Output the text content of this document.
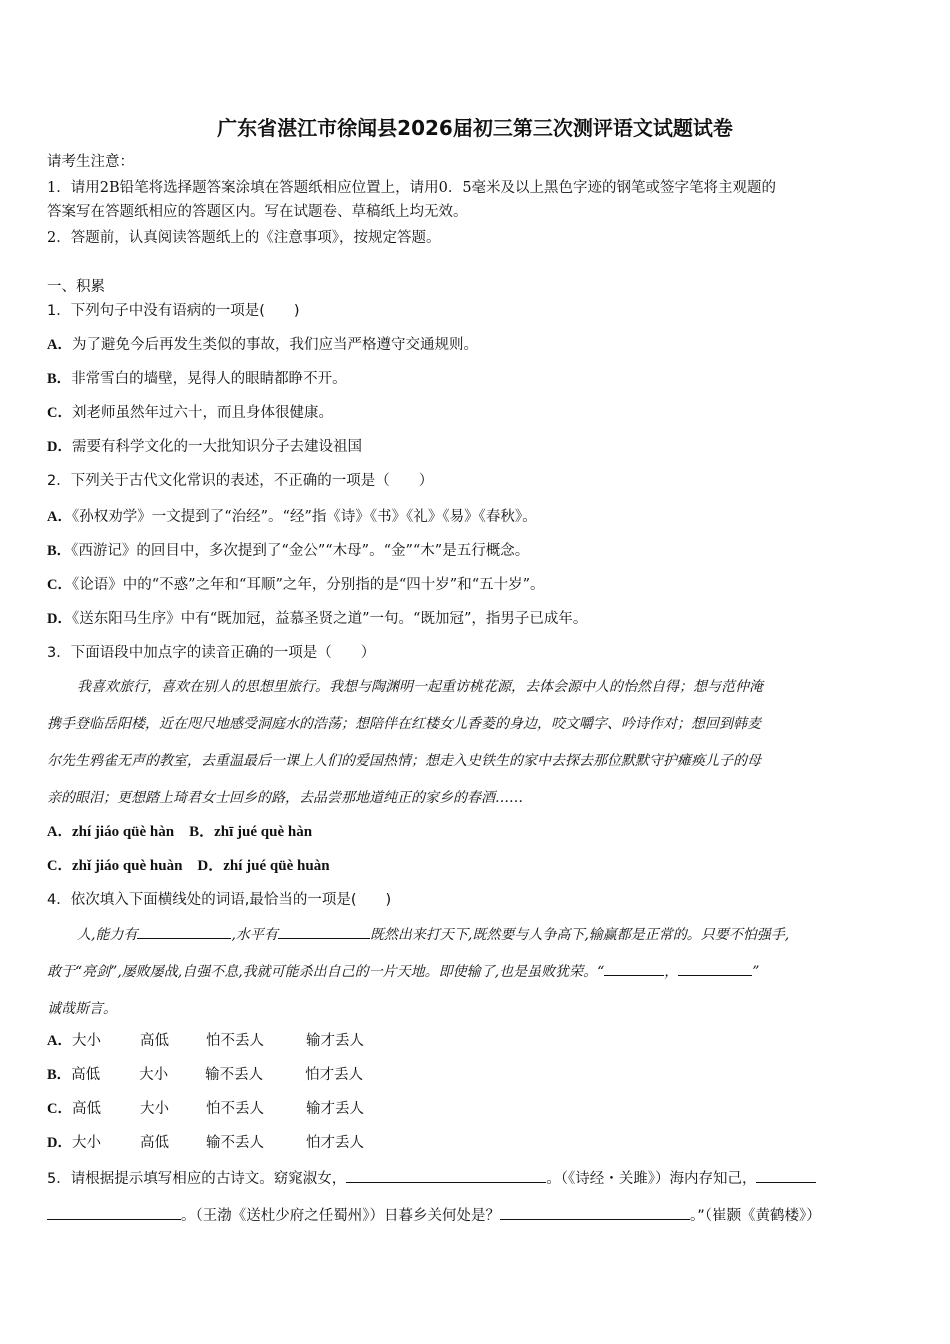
广东省湛江市徐闻县2026届初三第三次测评语文试题试卷
请考生注意：
1．请用2B铅笔将选择题答案涂填在答题纸相应位置上，请用0．5毫米及以上黑色字迹的钢笔或签字笔将主观题的
答案写在答题纸相应的答题区内。写在试题卷、草稿纸上均无效。
2．答题前，认真阅读答题纸上的《注意事项》，按规定答题。
一、积累
1．下列句子中没有语病的一项是(　　)
A．为了避免今后再发生类似的事故，我们应当严格遵守交通规则。
B．非常雪白的墙壁，晃得人的眼睛都睁不开。
C．刘老师虽然年过六十，而且身体很健康。
D．需要有科学文化的一大批知识分子去建设祖国
2．下列关于古代文化常识的表述，不正确的一项是（　　）
A．《孙权劝学》一文提到了“治经”。“经”指《诗》《书》《礼》《易》《春秋》。
B．《西游记》的回目中，多次提到了“金公”“木母”。“金”“木”是五行概念。
C．《论语》中的“不惑”之年和“耳顺”之年，分别指的是“四十岁”和“五十岁”。
D．《送东阳马生序》中有“既加冠，益慕圣贤之道”一句。“既加冠”，指男子已成年。
3．下面语段中加点字的读音正确的一项是（　　）
我喜欢旅行，喜欢在别人的思想里旅行。我想与陶渊明一起重访桃花源，去体会源中人的怡然自得；想与范仲淹
携手登临岳阳楼，近在咫尺地感受洞庭水的浩荡；想陪伴在红楼女儿香菱的身边，咬文嚼字、吟诗作对；想回到韩麦
尔先生鸦雀无声的教室，去重温最后一课上人们的爱国热情；想走入史铁生的家中去探去那位默默守护瘫痪儿子的母
亲的眼泪；更想踏上琦君女士回乡的路，去品尝那地道纯正的家乡的春酒……
A．zhí jiáo qüè hàn　B．zhī jué què hàn
C．zhǐ jiáo què huàn　D．zhí jué qüè huàn
4．依次填入下面横线处的词语,最恰当的一项是(　　)
人,能力有	,水平有	既然出来打天下,既然要与人争高下,输赢都是正常的。只要不怕强手,
敢于“亮剑”,屡败屡战,自强不息,我就可能杀出自己的一片天地。即使输了,也是虽败犹荣。“	，	”
诚哉斯言。
A．大小	高低	怕不丢人	输才丢人
B．高低	大小	输不丢人	怕才丢人
C．高低	大小	怕不丢人	输才丢人
D．大小	高低	输不丢人	怕才丢人
5．请根据提示填写相应的古诗文。窈窕淑女，	。（《诗经・关雎》）海内存知己，
。（王渤《送杜少府之任蜀州》）日暮乡关何处是？	。”（崔颢《黄鹤楼》）
